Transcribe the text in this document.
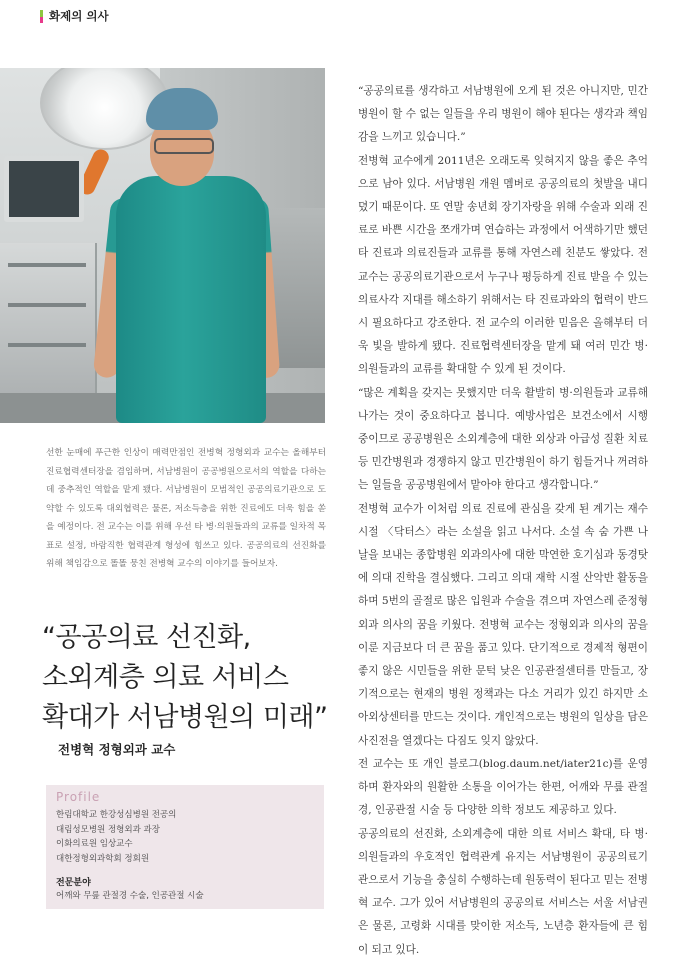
화제의 의사

선한 눈매에 푸근한 인상이 매력만점인 전병혁 정형외과 교수는 올해부터 진료협력센터장을 겸임하며, 서남병원이 공공병원으로서의 역할을 다하는 데 중추적인 역할을 맡게 됐다. 서남병원이 모범적인 공공의료기관으로 도약할 수 있도록 대외협력은 물론, 저소득층을 위한 진료에도 더욱 힘을 쏟을 예정이다. 전 교수는 이를 위해 우선 타 병·의원들과의 교류를 일차적 목표로 설정, 바람직한 협력관계 형성에 힘쓰고 있다. 공공의료의 선진화를 위해 책임감으로 똘똘 뭉친 전병혁 교수의 이야기를 들어보자.

“공공의료 선진화,
소외계층 의료 서비스
확대가 서남병원의 미래”

전병혁 정형외과 교수

Profile
한림대학교 한강성심병원 전공의
대림성모병원 정형외과 과장
이화의료원 임상교수
대한정형외과학회 정회원
전문분야
어깨와 무릎 관절경 수술, 인공관절 시술

“공공의료를 생각하고 서남병원에 오게 된 것은 아니지만, 민간병원이 할 수 없는 일들을 우리 병원이 해야 된다는 생각과 책임감을 느끼고 있습니다.”

전병혁 교수에게 2011년은 오래도록 잊혀지지 않을 좋은 추억으로 남아 있다. 서남병원 개원 멤버로 공공의료의 첫발을 내디뎠기 때문이다. 또 연말 송년회 장기자랑을 위해 수술과 외래 진료로 바쁜 시간을 쪼개가며 연습하는 과정에서 어색하기만 했던 타 진료과 의료진들과 교류를 통해 자연스레 친분도 쌓았다. 전 교수는 공공의료기관으로서 누구나 평등하게 진료 받을 수 있는 의료사각 지대를 해소하기 위해서는 타 진료과와의 협력이 반드시 필요하다고 강조한다. 전 교수의 이러한 믿음은 올해부터 더욱 빛을 발하게 됐다. 진료협력센터장을 맡게 돼 여러 민간 병·의원들과의 교류를 확대할 수 있게 된 것이다.

“많은 계획을 갖지는 못했지만 더욱 활발히 병·의원들과 교류해 나가는 것이 중요하다고 봅니다. 예방사업은 보건소에서 시행 중이므로 공공병원은 소외계층에 대한 외상과 아급성 질환 치료 등 민간병원과 경쟁하지 않고 민간병원이 하기 힘들거나 꺼려하는 일들을 공공병원에서 맡아야 한다고 생각합니다.”

전병혁 교수가 이처럼 의료 진료에 관심을 갖게 된 계기는 재수시절 〈닥터스〉라는 소설을 읽고 나서다. 소설 속 숨 가쁜 나날을 보내는 종합병원 외과의사에 대한 막연한 호기심과 동경탓에 의대 진학을 결심했다. 그리고 의대 재학 시절 산악반 활동을 하며 5번의 골절로 많은 입원과 수술을 겪으며 자연스레 준정형외과 의사의 꿈을 키웠다. 전병혁 교수는 정형외과 의사의 꿈을 이룬 지금보다 더 큰 꿈을 품고 있다. 단기적으로 경제적 형편이 좋지 않은 시민들을 위한 문턱 낮은 인공관절센터를 만들고, 장기적으로는 현재의 병원 정책과는 다소 거리가 있긴 하지만 소아외상센터를 만드는 것이다. 개인적으로는 병원의 일상을 담은 사진전을 열겠다는 다짐도 잊지 않았다.

전 교수는 또 개인 블로그(blog.daum.net/iater21c)를 운영하며 환자와의 원활한 소통을 이어가는 한편, 어깨와 무릎 관절경, 인공관절 시술 등 다양한 의학 정보도 제공하고 있다.

공공의료의 선진화, 소외계층에 대한 의료 서비스 확대, 타 병·의원들과의 우호적인 협력관계 유지는 서남병원이 공공의료기관으로서 기능을 충실히 수행하는데 원동력이 된다고 믿는 전병혁 교수. 그가 있어 서남병원의 공공의료 서비스는 서울 서남권은 물론, 고령화 시대를 맞이한 저소득, 노년층 환자들에 큰 힘이 되고 있다.
